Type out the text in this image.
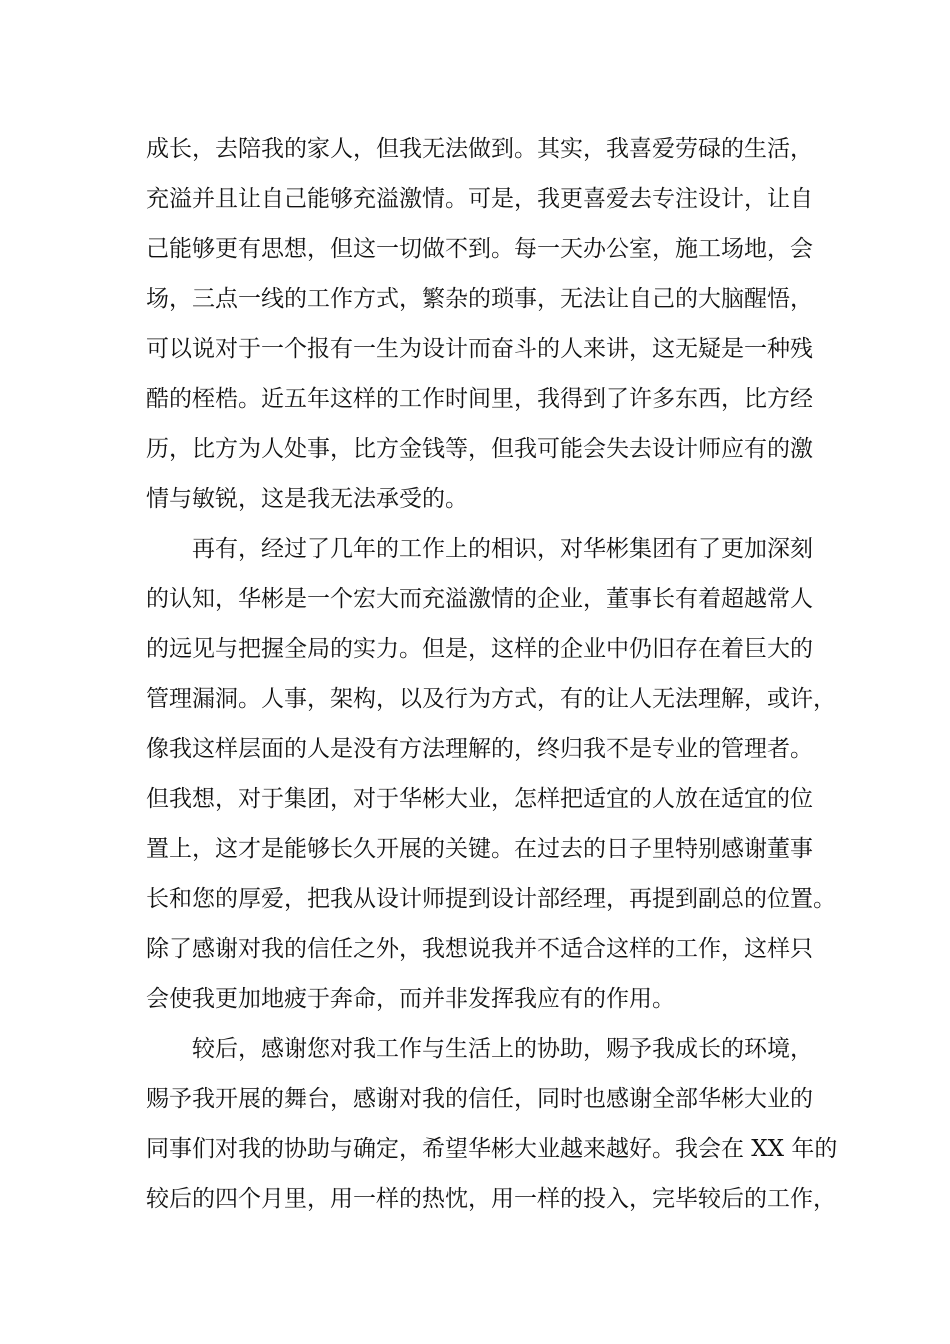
成长，去陪我的家人，但我无法做到。其实，我喜爱劳碌的生活，
充溢并且让自己能够充溢激情。可是，我更喜爱去专注设计，让自
己能够更有思想，但这一切做不到。每一天办公室，施工场地，会
场，三点一线的工作方式，繁杂的琐事，无法让自己的大脑醒悟，
可以说对于一个报有一生为设计而奋斗的人来讲，这无疑是一种残
酷的桎梏。近五年这样的工作时间里，我得到了许多东西，比方经
历，比方为人处事，比方金钱等，但我可能会失去设计师应有的激
情与敏锐，这是我无法承受的。
再有，经过了几年的工作上的相识，对华彬集团有了更加深刻
的认知，华彬是一个宏大而充溢激情的企业，董事长有着超越常人
的远见与把握全局的实力。但是，这样的企业中仍旧存在着巨大的
管理漏洞。人事，架构，以及行为方式，有的让人无法理解，或许，
像我这样层面的人是没有方法理解的，终归我不是专业的管理者。
但我想，对于集团，对于华彬大业，怎样把适宜的人放在适宜的位
置上，这才是能够长久开展的关键。在过去的日子里特别感谢董事
长和您的厚爱，把我从设计师提到设计部经理，再提到副总的位置。
除了感谢对我的信任之外，我想说我并不适合这样的工作，这样只
会使我更加地疲于奔命，而并非发挥我应有的作用。
较后，感谢您对我工作与生活上的协助，赐予我成长的环境，
赐予我开展的舞台，感谢对我的信任，同时也感谢全部华彬大业的
同事们对我的协助与确定，希望华彬大业越来越好。我会在 XX 年的
较后的四个月里，用一样的热忱，用一样的投入，完毕较后的工作，
